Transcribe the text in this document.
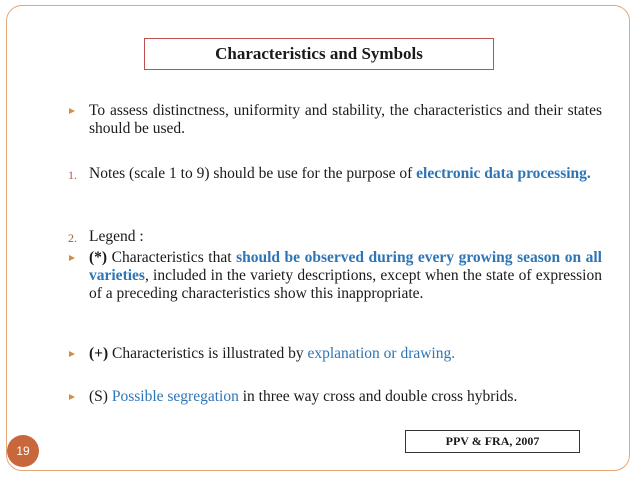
Characteristics and Symbols
To assess distinctness, uniformity and stability, the characteristics and their states should be used.
1. Notes (scale 1 to 9) should be use for the purpose of electronic data processing.
2. Legend :
(*) Characteristics that should be observed during every growing season on all varieties, included in the variety descriptions, except when the state of expression of a preceding characteristics show this inappropriate.
(+) Characteristics is illustrated by explanation or drawing.
(S) Possible segregation in three way cross and double cross hybrids.
PPV & FRA, 2007
19
